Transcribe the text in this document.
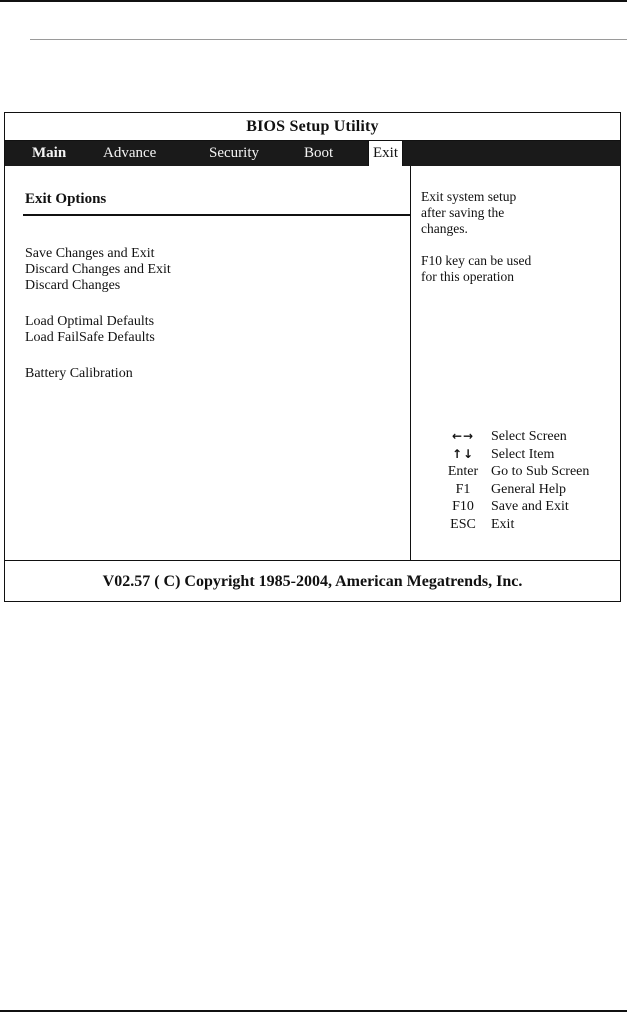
BIOS Setup Utility
Main Advance	Security	Boot	Exit
Exit Options
Save Changes and Exit
Discard Changes and Exit
Discard Changes
Load Optimal Defaults
Load FailSafe Defaults
Battery Calibration

Exit system setup

after saving the

changes.

F10 key can be used

for this operation

←→	Select Screen
↑↓	Select Item
Enter Go to Sub Screen
F1	General Help
F10	Save and Exit
ESC	Exit
V02.57 ( C) Copyright 1985-2004, American Megatrends, Inc.
